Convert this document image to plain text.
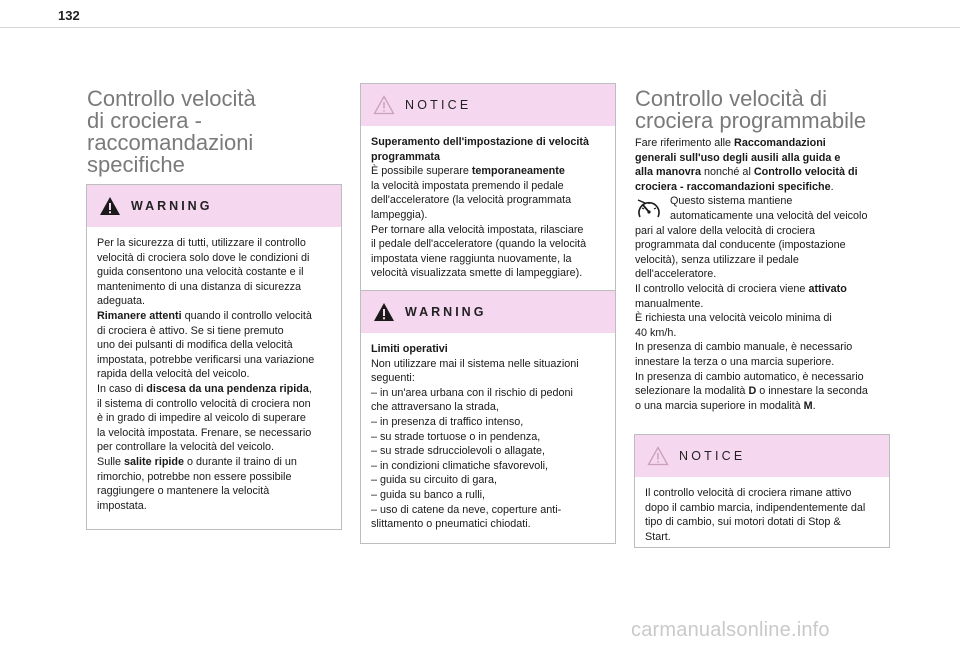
132
Controllo velocità
di crociera -
raccomandazioni
specifiche
WARNING
Per la sicurezza di tutti, utilizzare il controllo
velocità di crociera solo dove le condizioni di
guida consentono una velocità costante e il
mantenimento di una distanza di sicurezza
adeguata.
Rimanere attenti quando il controllo velocità
di crociera è attivo. Se si tiene premuto
uno dei pulsanti di modifica della velocità
impostata, potrebbe verificarsi una variazione
rapida della velocità del veicolo.
In caso di discesa da una pendenza ripida,
il sistema di controllo velocità di crociera non
è in grado di impedire al veicolo di superare
la velocità impostata. Frenare, se necessario
per controllare la velocità del veicolo.
Sulle salite ripide o durante il traino di un
rimorchio, potrebbe non essere possibile
raggiungere o mantenere la velocità
impostata.
NOTICE
Superamento dell'impostazione di velocità
programmata
È possibile superare temporaneamente
la velocità impostata premendo il pedale
dell'acceleratore (la velocità programmata
lampeggia).
Per tornare alla velocità impostata, rilasciare
il pedale dell'acceleratore (quando la velocità
impostata viene raggiunta nuovamente, la
velocità visualizzata smette di lampeggiare).
WARNING
Limiti operativi
Non utilizzare mai il sistema nelle situazioni
seguenti:
– in un'area urbana con il rischio di pedoni
che attraversano la strada,
– in presenza di traffico intenso,
– su strade tortuose o in pendenza,
– su strade sdrucciolevoli o allagate,
– in condizioni climatiche sfavorevoli,
– guida su circuito di gara,
– guida su banco a rulli,
– uso di catene da neve, coperture anti-
slittamento o pneumatici chiodati.
Controllo velocità di
crociera programmabile
Fare riferimento alle Raccomandazioni
generali sull'uso degli ausili alla guida e
alla manovra nonché al Controllo velocità di
crociera - raccomandazioni specifiche.
Questo sistema mantiene
automaticamente una velocità del veicolo
pari al valore della velocità di crociera
programmata dal conducente (impostazione
velocità), senza utilizzare il pedale
dell'acceleratore.
Il controllo velocità di crociera viene attivato
manualmente.
È richiesta una velocità veicolo minima di
40 km/h.
In presenza di cambio manuale, è necessario
innestare la terza o una marcia superiore.
In presenza di cambio automatico, è necessario
selezionare la modalità D o innestare la seconda
o una marcia superiore in modalità M.
NOTICE
Il controllo velocità di crociera rimane attivo
dopo il cambio marcia, indipendentemente dal
tipo di cambio, sui motori dotati di Stop &
Start.
carmanualsonline.info
